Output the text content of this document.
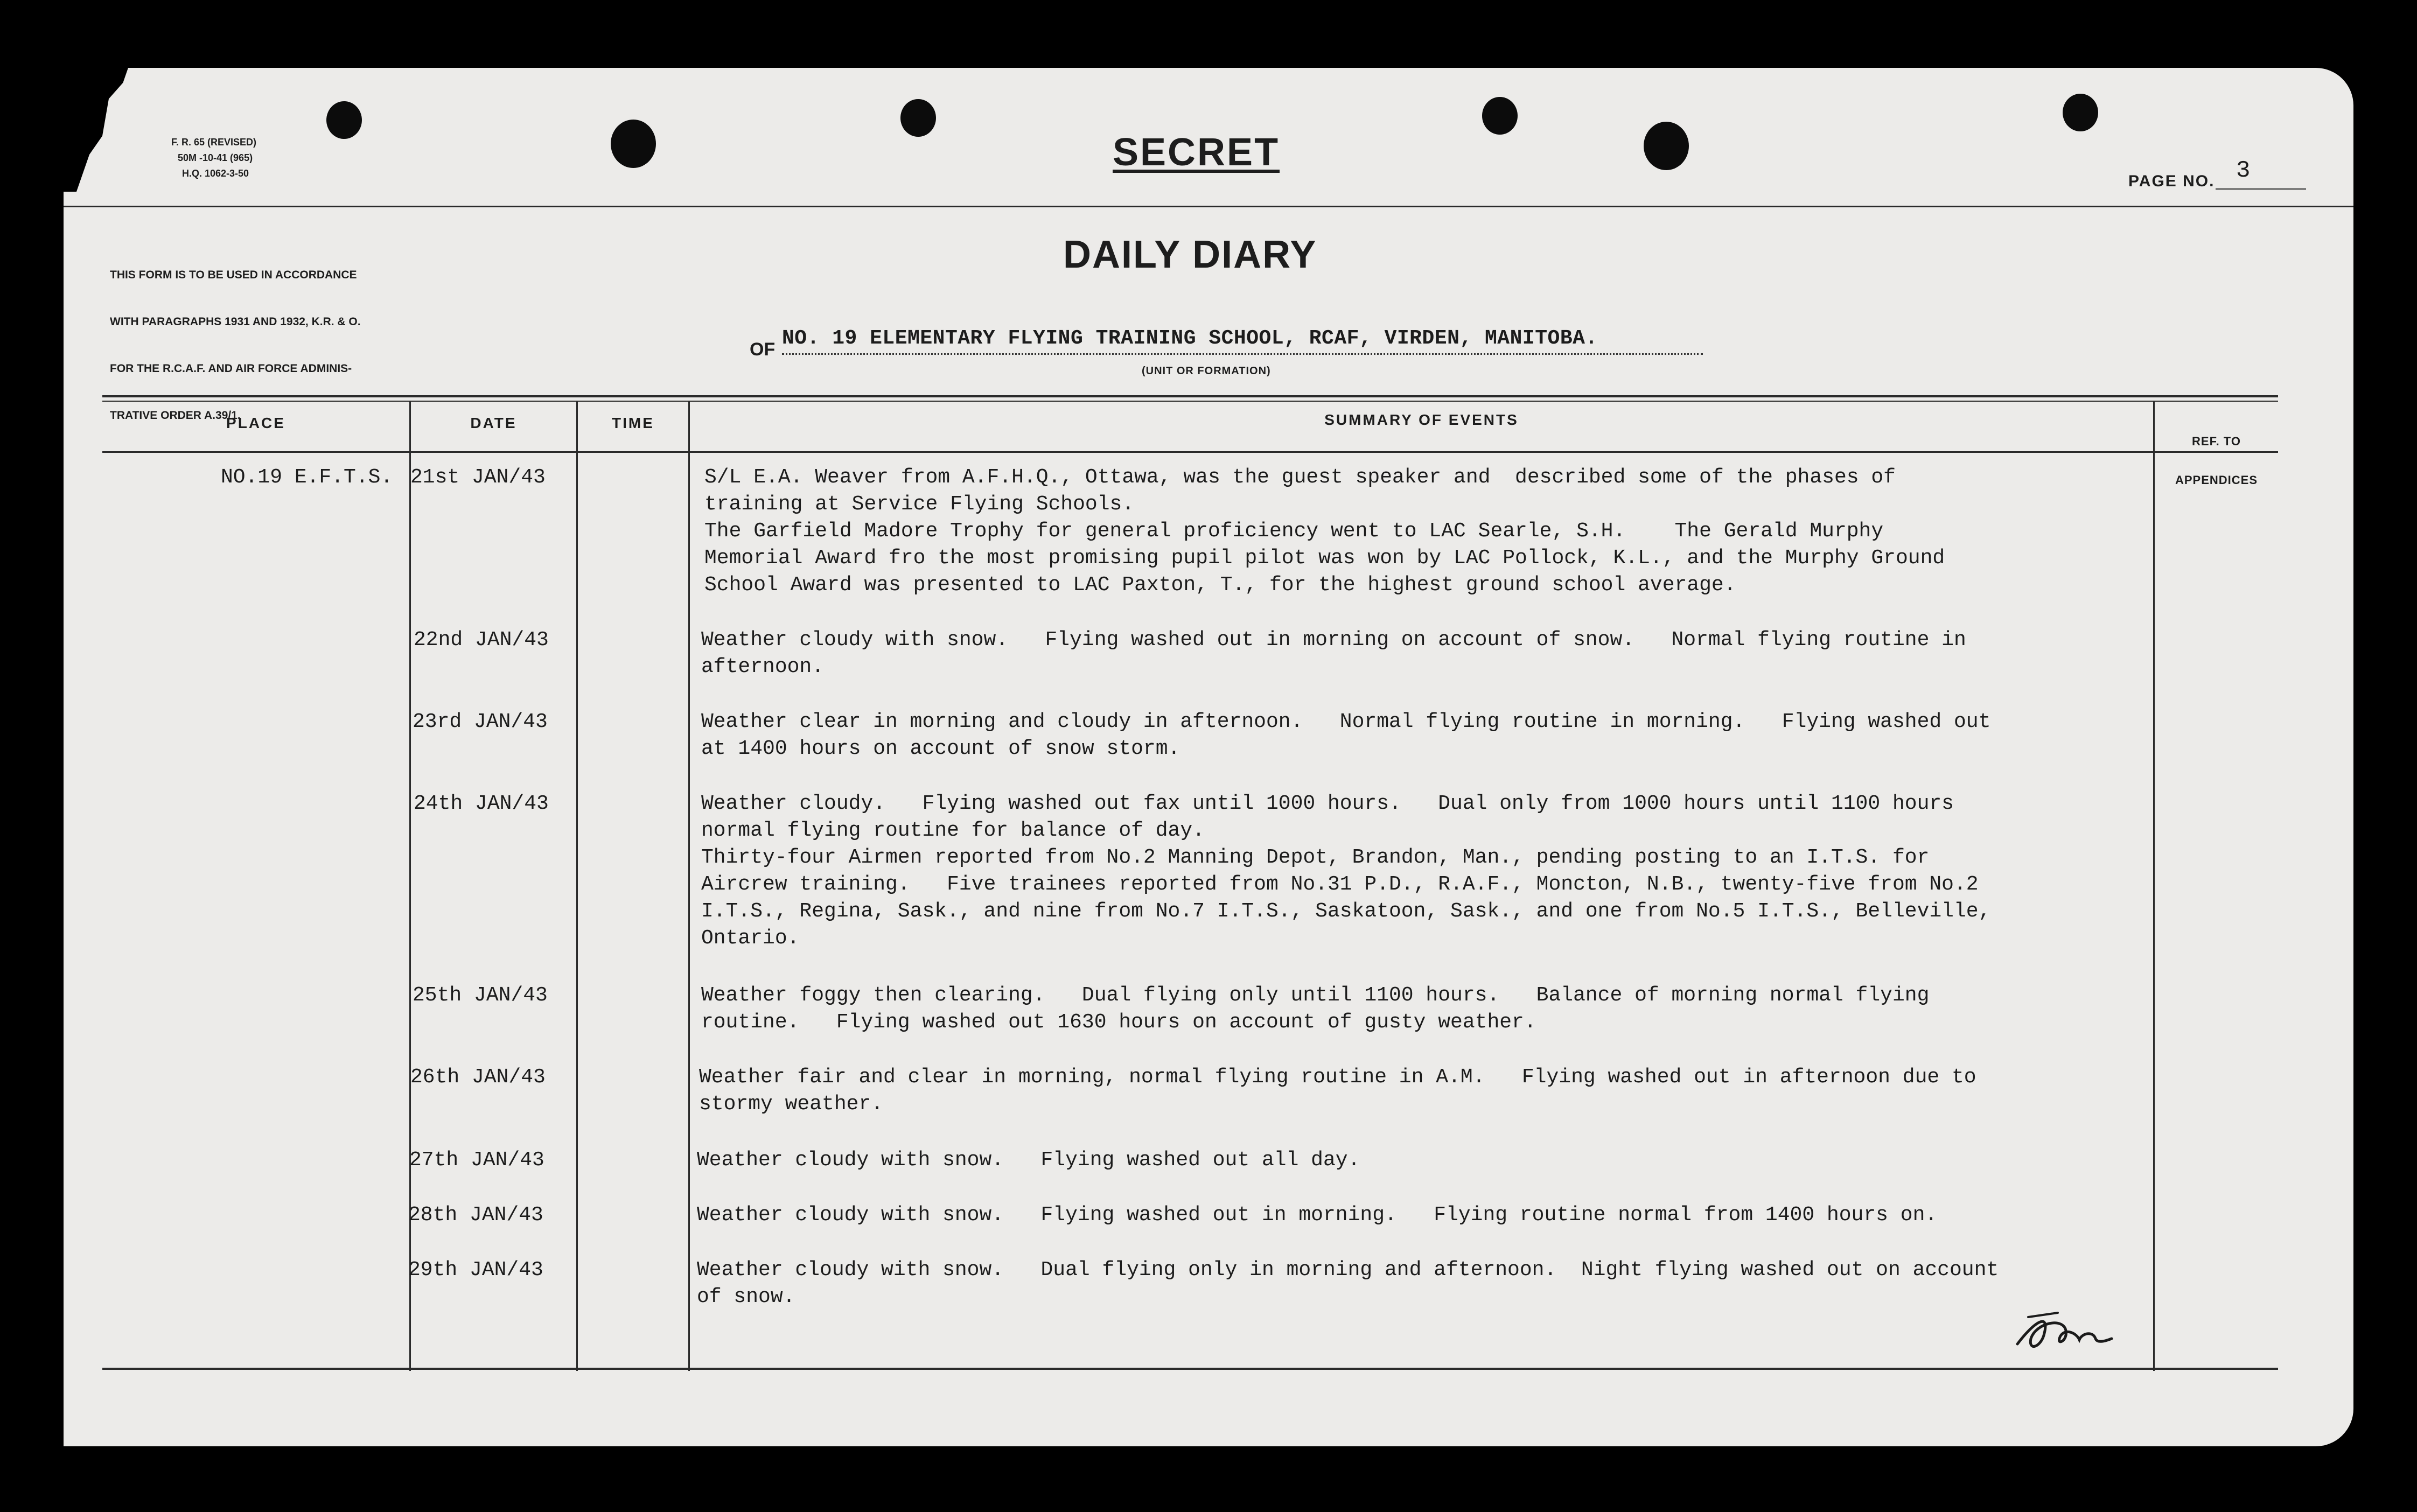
F. R. 65 (REVISED)
50M -10-41 (965)
H.Q. 1062-3-50	SECRET
PAGE NO. 3

THIS FORM IS TO BE USED IN ACCORDANCE

WITH PARAGRAPHS 1931 AND 1932, K.R. & O.

FOR THE R.C.A.F. AND AIR FORCE ADMINIS-

TRATIVE ORDER A.39/1.

DAILY DIARY
OF NO. 19 ELEMENTARY FLYING TRAINING SCHOOL, RCAF, VIRDEN, MANITOBA.
(UNIT OR FORMATION)
PLACE	DATE	TIME	SUMMARY OF EVENTS

REF. TO

APPENDICES

NO.19 E.F.T.S. 21st JAN/43	S/L E.A. Weaver from A.F.H.Q., Ottawa, was the guest speaker and  described some of the phases of
training at Service Flying Schools.
The Garfield Madore Trophy for general proficiency went to LAC Searle, S.H.    The Gerald Murphy
Memorial Award fro the most promising pupil pilot was won by LAC Pollock, K.L., and the Murphy Ground
School Award was presented to LAC Paxton, T., for the highest ground school average.
22nd JAN/43	Weather cloudy with snow.   Flying washed out in morning on account of snow.   Normal flying routine in
afternoon.
23rd JAN/43	Weather clear in morning and cloudy in afternoon.   Normal flying routine in morning.   Flying washed out
at 1400 hours on account of snow storm.
24th JAN/43	Weather cloudy.   Flying washed out fax until 1000 hours.   Dual only from 1000 hours until 1100 hours
normal flying routine for balance of day.
Thirty-four Airmen reported from No.2 Manning Depot, Brandon, Man., pending posting to an I.T.S. for
Aircrew training.   Five trainees reported from No.31 P.D., R.A.F., Moncton, N.B., twenty-five from No.2
I.T.S., Regina, Sask., and nine from No.7 I.T.S., Saskatoon, Sask., and one from No.5 I.T.S., Belleville,
Ontario.
25th JAN/43	Weather foggy then clearing.   Dual flying only until 1100 hours.   Balance of morning normal flying
routine.   Flying washed out 1630 hours on account of gusty weather.
26th JAN/43	Weather fair and clear in morning, normal flying routine in A.M.   Flying washed out in afternoon due to
stormy weather.
27th JAN/43	Weather cloudy with snow.   Flying washed out all day.
28th JAN/43	Weather cloudy with snow.   Flying washed out in morning.   Flying routine normal from 1400 hours on.
29th JAN/43	Weather cloudy with snow.   Dual flying only in morning and afternoon.  Night flying washed out on account
of snow.
